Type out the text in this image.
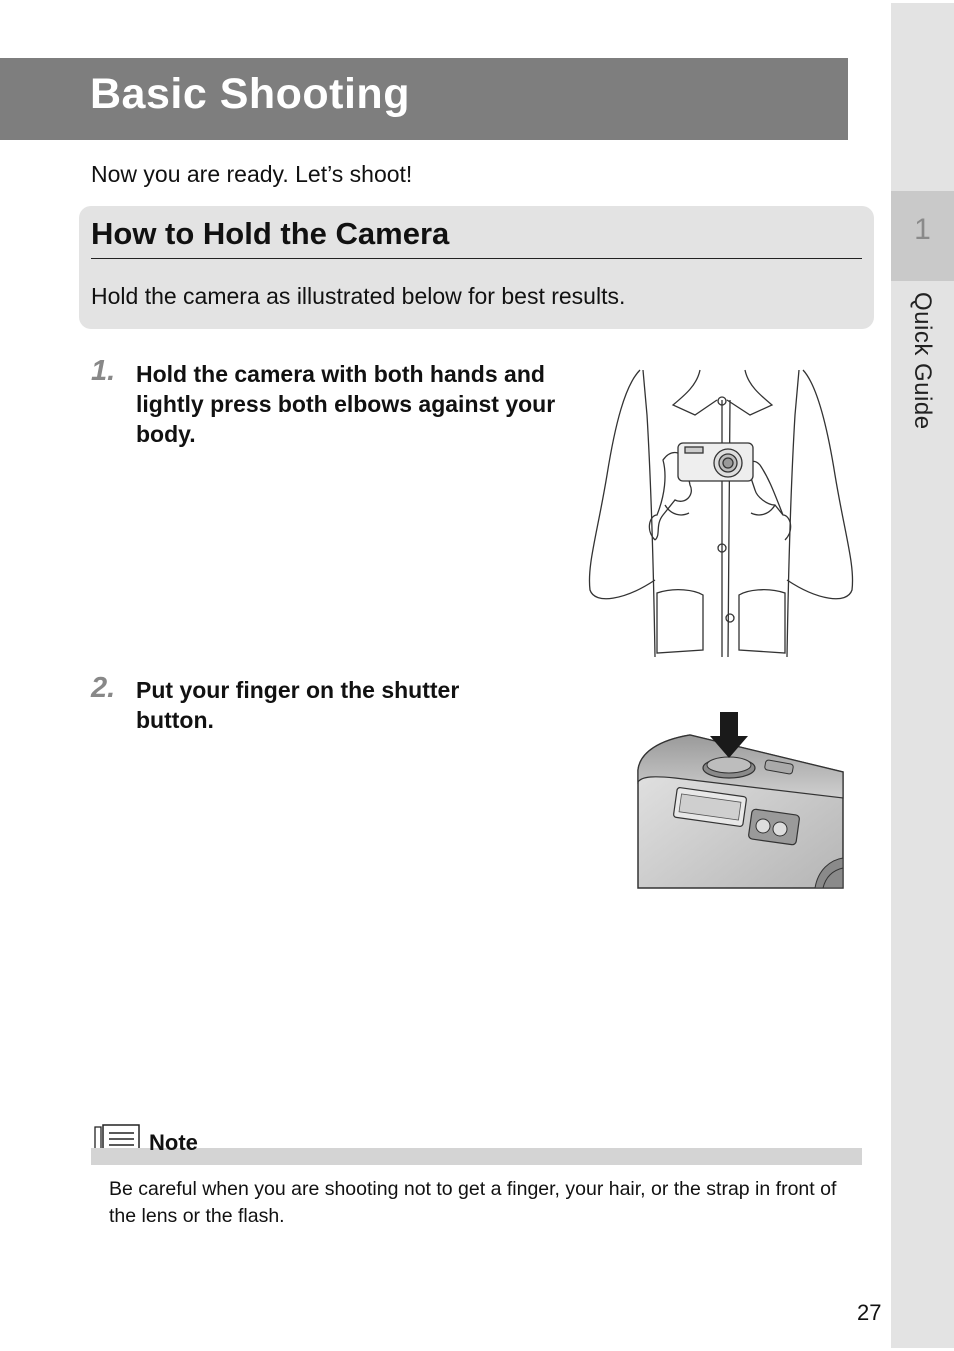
1
Quick Guide
Basic Shooting
Now you are ready. Let’s shoot!
How to Hold the Camera

Hold the camera as illustrated below for best results.

1. Hold the camera with both hands and lightly press both elbows against your body.

2. Put your finger on the shutter button.

Note

Be careful when you are shooting not to get a finger, your hair, or the strap in front of the lens or the flash.

27
